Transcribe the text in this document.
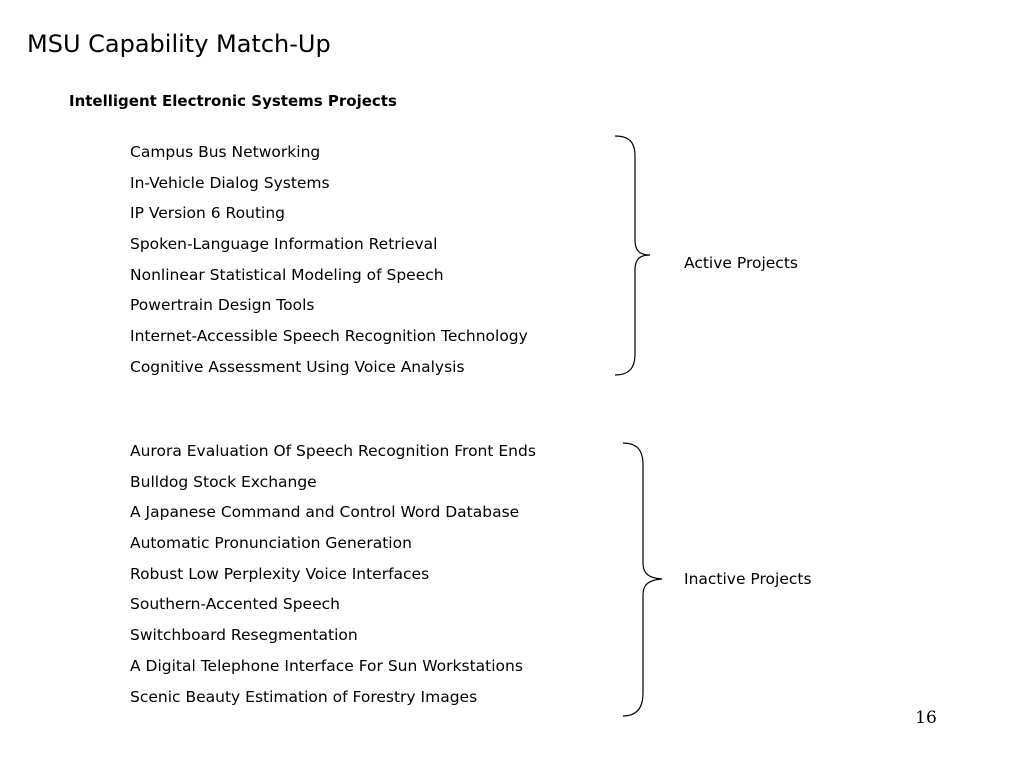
MSU Capability Match-Up
Intelligent Electronic Systems Projects
Campus Bus Networking
In-Vehicle Dialog Systems
IP Version 6 Routing
Spoken-Language Information Retrieval
Nonlinear Statistical Modeling of Speech
Powertrain Design Tools
Internet-Accessible Speech Recognition Technology
Cognitive Assessment Using Voice Analysis
Active Projects
Aurora Evaluation Of Speech Recognition Front Ends
Bulldog Stock Exchange
A Japanese Command and Control Word Database
Automatic Pronunciation Generation
Robust Low Perplexity Voice Interfaces
Southern-Accented Speech
Switchboard Resegmentation
A Digital Telephone Interface For Sun Workstations
Scenic Beauty Estimation of Forestry Images
Inactive Projects
16
